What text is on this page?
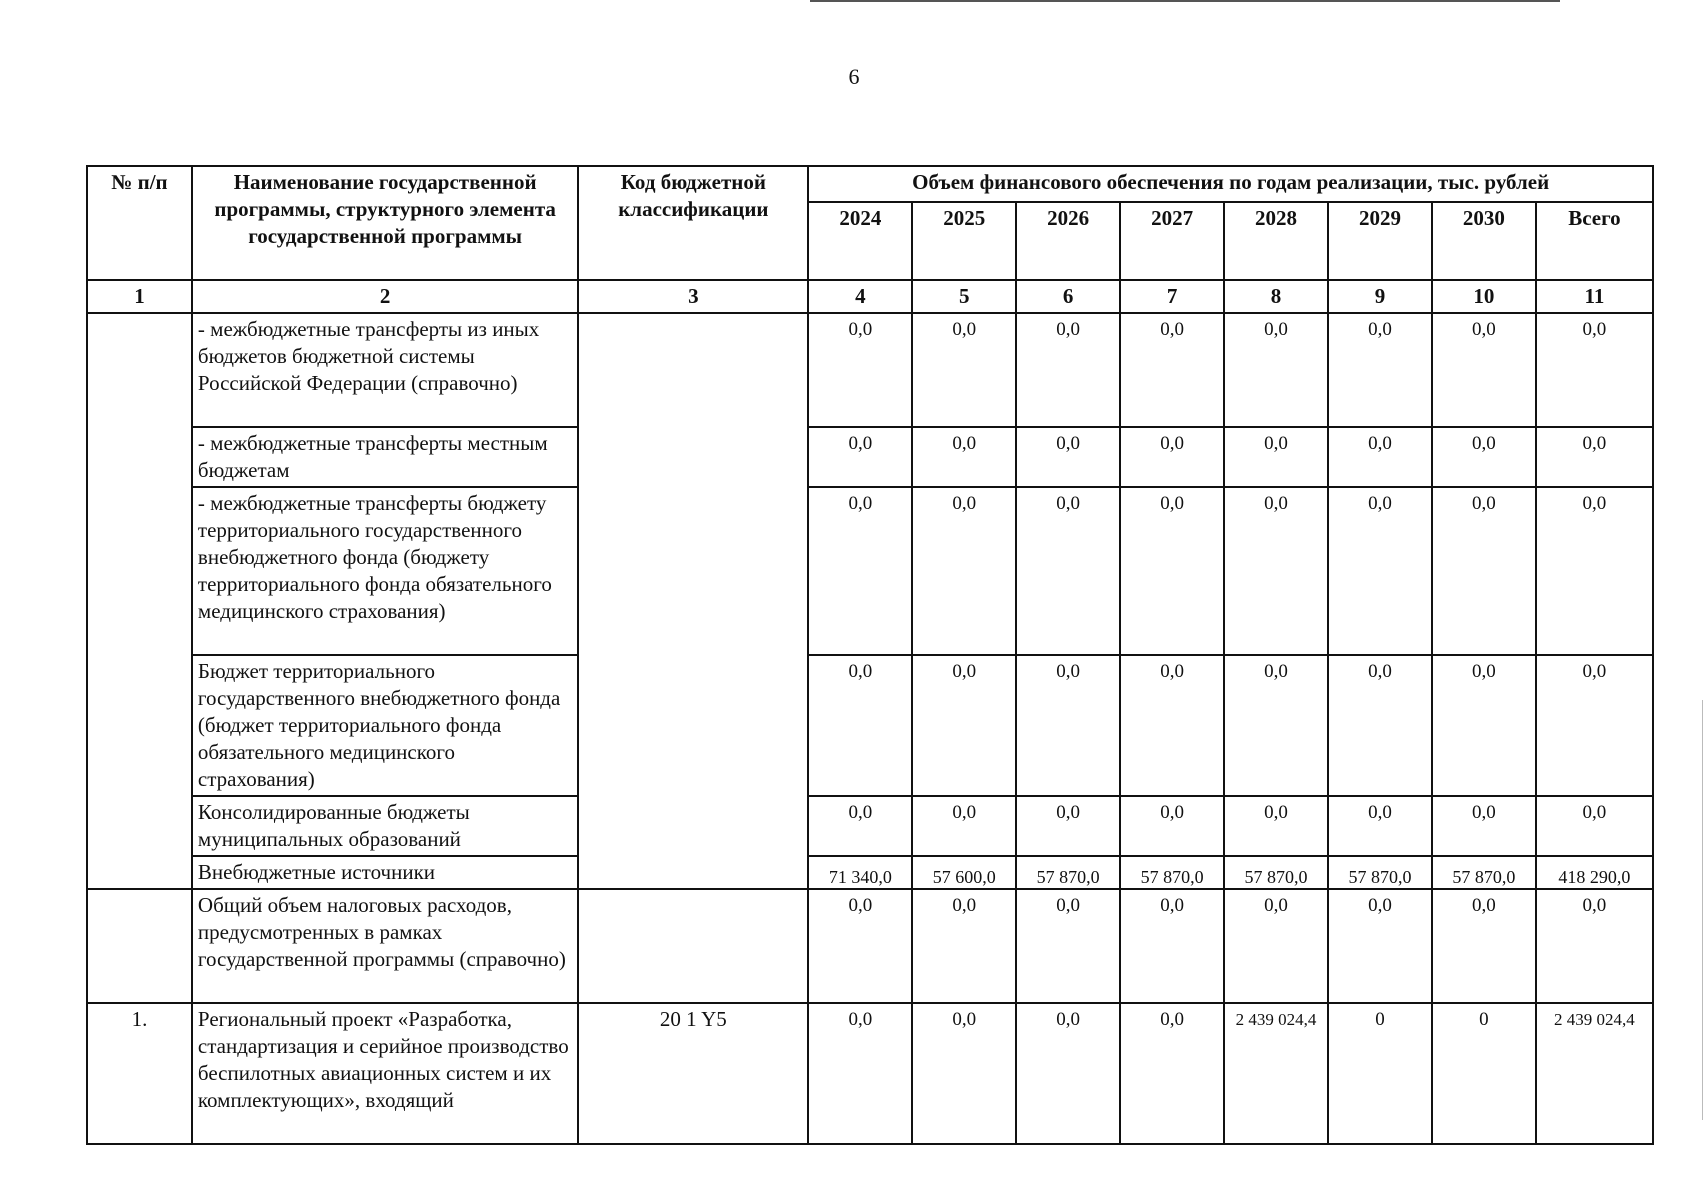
6
№ п/п	Наименование государственной программы, структурного элемента государственной программы	Код бюджетной классификации	Объем финансового обеспечения по годам реализации, тыс. рублей							
			2024	2025	2026	2027	2028	2029	2030	Всего
1	2	3	4	5	6	7	8	9	10	11
	- межбюджетные трансферты из иных бюджетов бюджетной системы Российской Федерации (справочно)		0,0	0,0	0,0	0,0	0,0	0,0	0,0	0,0
	- межбюджетные трансферты местным бюджетам		0,0	0,0	0,0	0,0	0,0	0,0	0,0	0,0
	- межбюджетные трансферты бюджету территориального государственного внебюджетного фонда (бюджету территориального фонда обязательного медицинского страхования)		0,0	0,0	0,0	0,0	0,0	0,0	0,0	0,0
	Бюджет территориального государственного внебюджетного фонда (бюджет территориального фонда обязательного медицинского страхования)		0,0	0,0	0,0	0,0	0,0	0,0	0,0	0,0
	Консолидированные бюджеты муниципальных образований		0,0	0,0	0,0	0,0	0,0	0,0	0,0	0,0
	Внебюджетные источники		71 340,0	57 600,0	57 870,0	57 870,0	57 870,0	57 870,0	57 870,0	418 290,0
	Общий объем налоговых расходов, предусмотренных в рамках государственной программы (справочно)		0,0	0,0	0,0	0,0	0,0	0,0	0,0	0,0
1.	Региональный проект «Разработка, стандартизация и серийное производство беспилотных авиационных систем и их комплектующих», входящий	20 1 Y5	0,0	0,0	0,0	0,0	2 439 024,4	0	0	2 439 024,4
